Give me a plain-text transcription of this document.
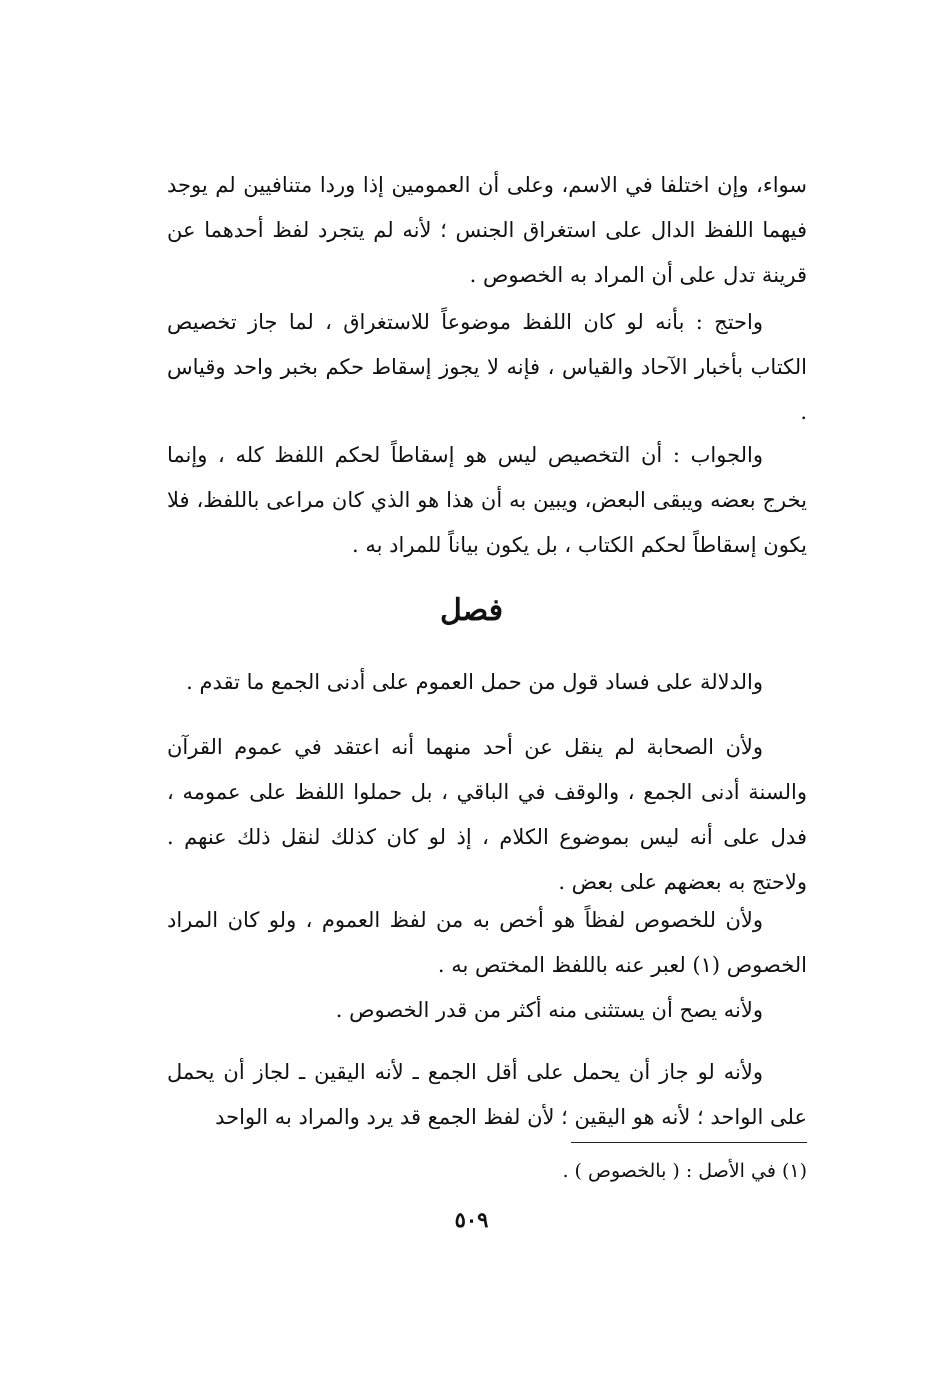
سواء، وإن اختلفا في الاسم، وعلى أن العمومين إذا وردا متنافيين لم يوجد فيهما اللفظ الدال على استغراق الجنس ؛ لأنه لم يتجرد لفظ أحدهما عن قرينة تدل على أن المراد به الخصوص .

واحتج : بأنه لو كان اللفظ موضوعاً للاستغراق ، لما جاز تخصيص الكتاب بأخبار الآحاد والقياس ، فإنه لا يجوز إسقاط حكم بخبر واحد وقياس .

والجواب : أن التخصيص ليس هو إسقاطاً لحكم اللفظ كله ، وإنما يخرج بعضه ويبقى البعض، ويبين به أن هذا هو الذي كان مراعى باللفظ، فلا يكون إسقاطاً لحكم الكتاب ، بل يكون بياناً للمراد به .

فصل

والدلالة على فساد قول من حمل العموم على أدنى الجمع ما تقدم .

ولأن الصحابة لم ينقل عن أحد منهما أنه اعتقد في عموم القرآن والسنة أدنى الجمع ، والوقف في الباقي ، بل حملوا اللفظ على عمومه ، فدل على أنه ليس بموضوع الكلام ، إذ لو كان كذلك لنقل ذلك عنهم . ولاحتج به بعضهم على بعض .

ولأن للخصوص لفظاً هو أخص به من لفظ العموم ، ولو كان المراد الخصوص (١) لعبر عنه باللفظ المختص به .

ولأنه يصح أن يستثنى منه أكثر من قدر الخصوص .

ولأنه لو جاز أن يحمل على أقل الجمع ـ لأنه اليقين ـ لجاز أن يحمل على الواحد ؛ لأنه هو اليقين ؛ لأن لفظ الجمع قد يرد والمراد به الواحد

(١) في الأصل : ( بالخصوص ) .

٥٠٩
